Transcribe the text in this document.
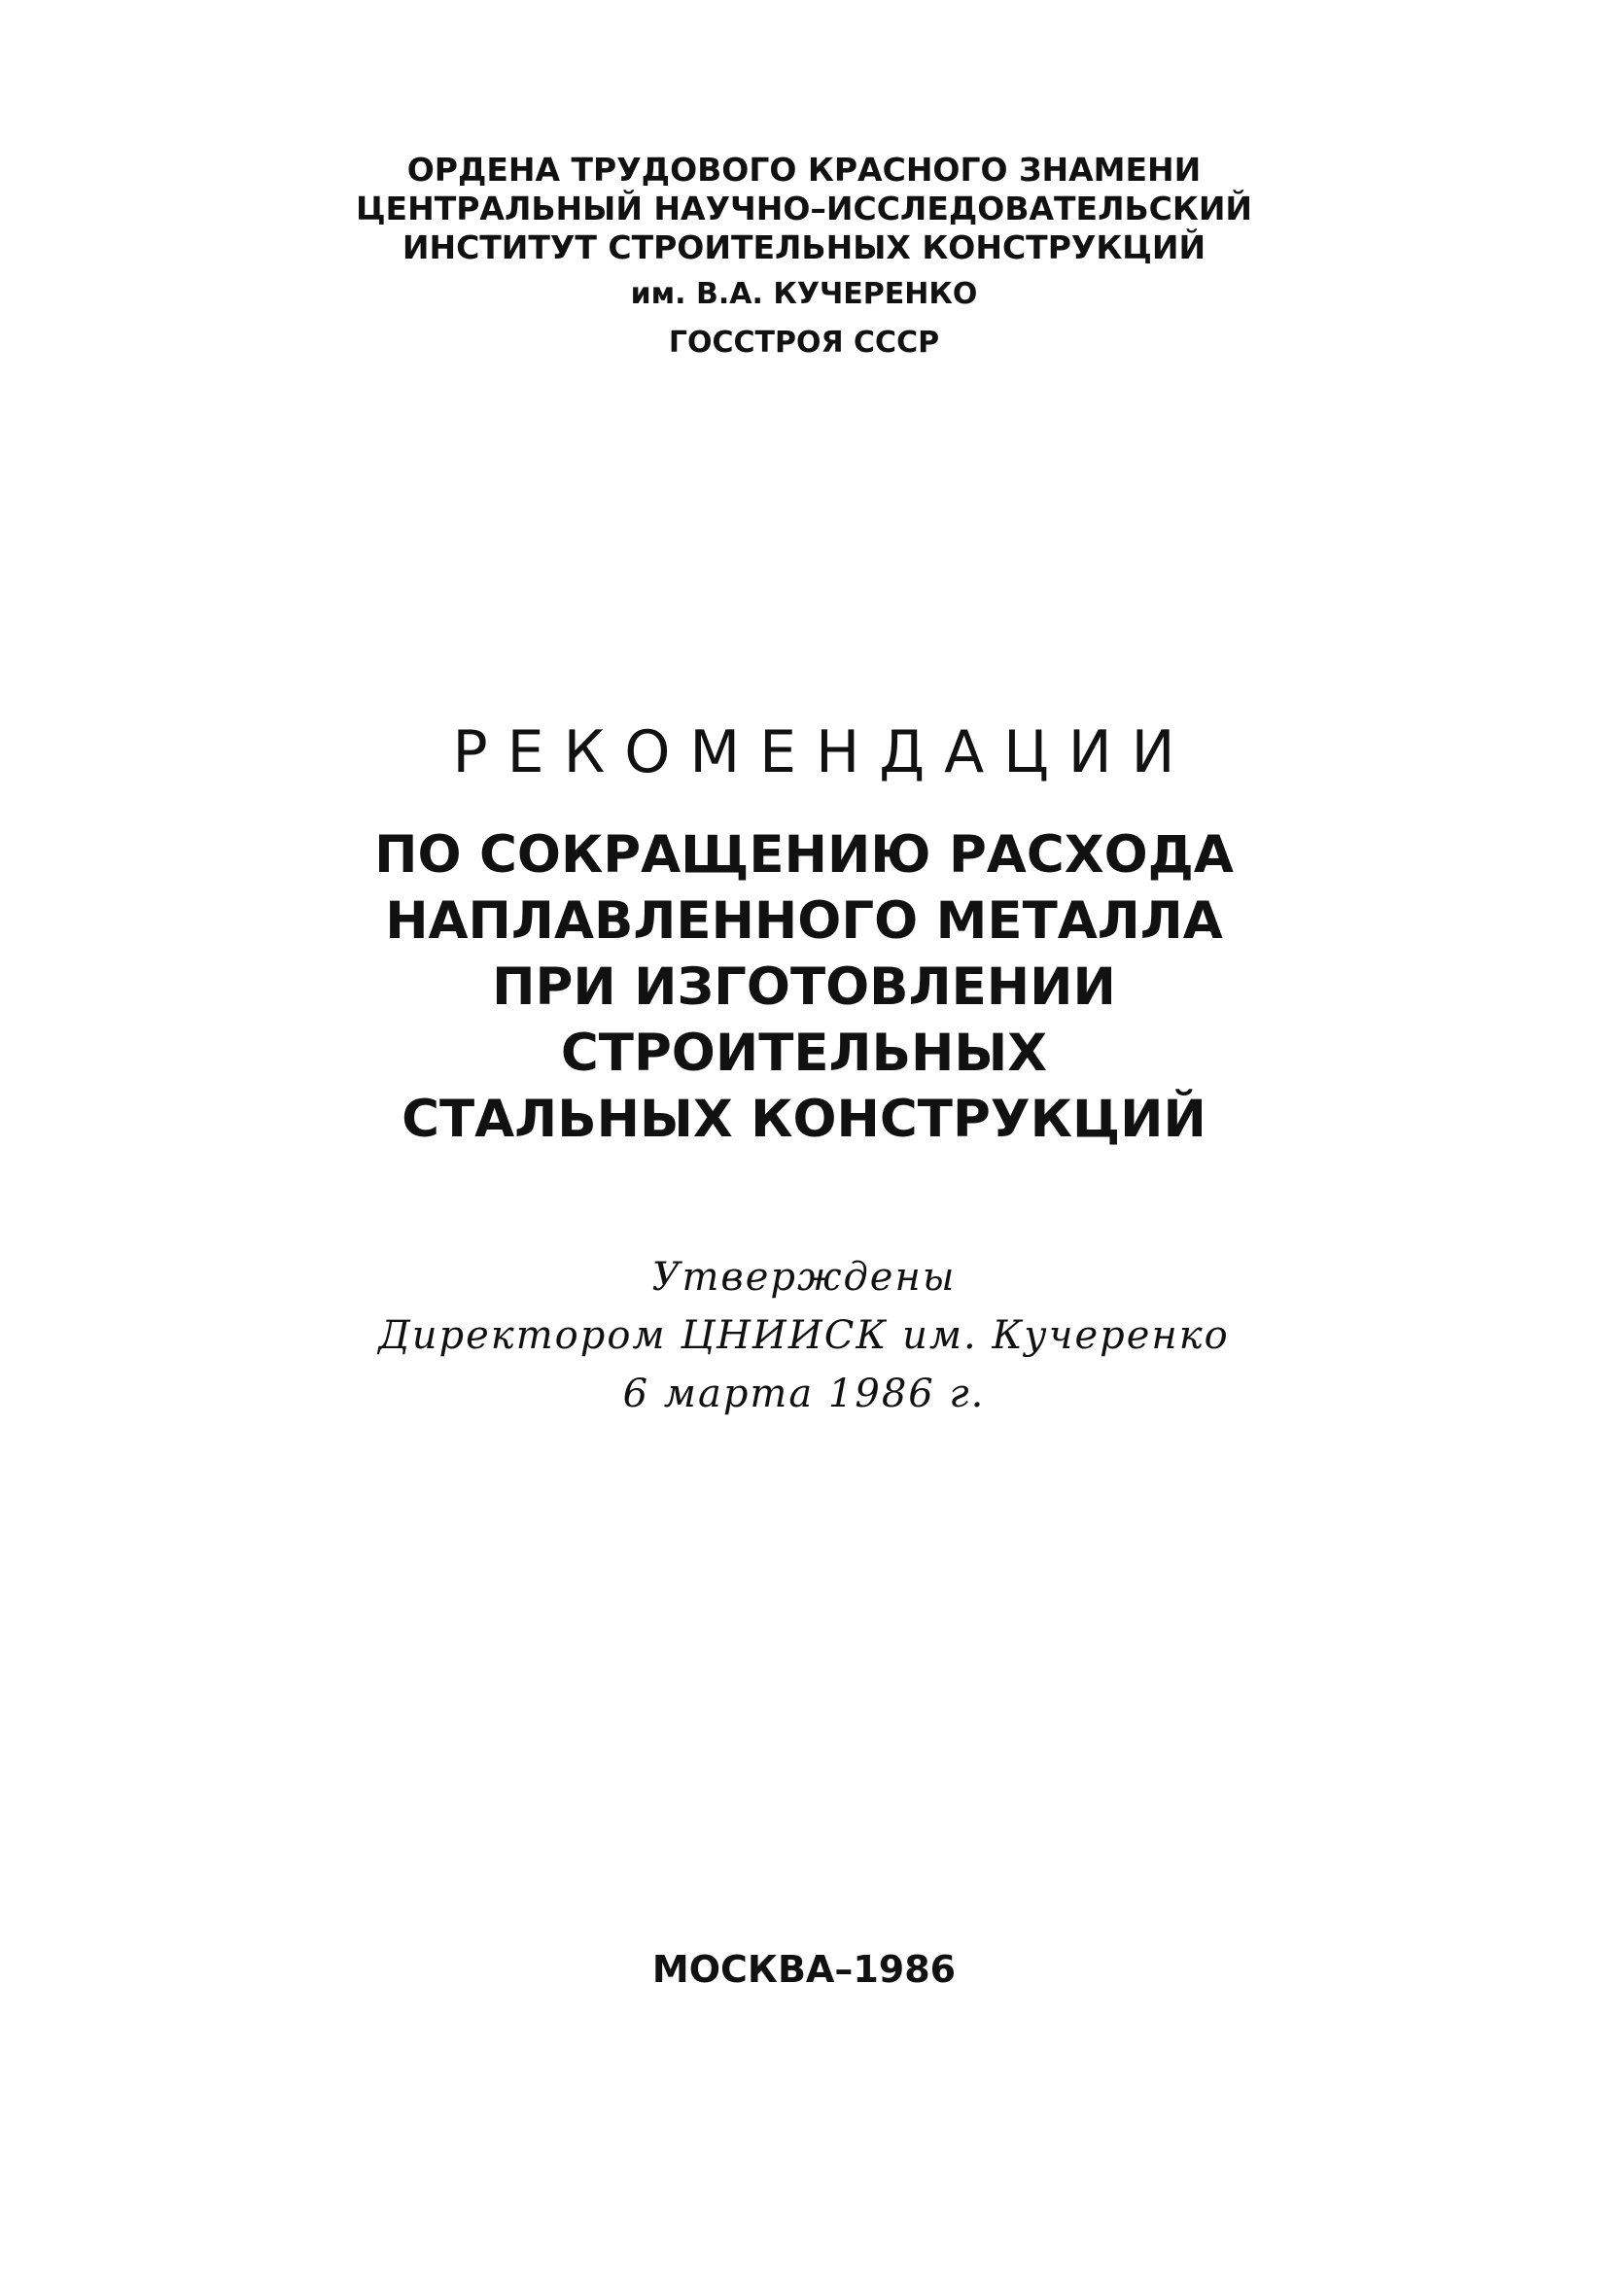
ОРДЕНА ТРУДОВОГО КРАСНОГО ЗНАМЕНИ

ЦЕНТРАЛЬНЫЙ НАУЧНО–ИССЛЕДОВАТЕЛЬСКИЙ

ИНСТИТУТ СТРОИТЕЛЬНЫХ КОНСТРУКЦИЙ

им. В.А. КУЧЕРЕНКО

ГОССТРОЯ СССР

РЕКОМЕНДАЦИИ

ПО СОКРАЩЕНИЮ РАСХОДА

НАПЛАВЛЕННОГО МЕТАЛЛА

ПРИ ИЗГОТОВЛЕНИИ

СТРОИТЕЛЬНЫХ

СТАЛЬНЫХ КОНСТРУКЦИЙ

Утверждены

Директором ЦНИИСК им. Кучеренко

6 марта 1986 г.

МОСКВА–1986
